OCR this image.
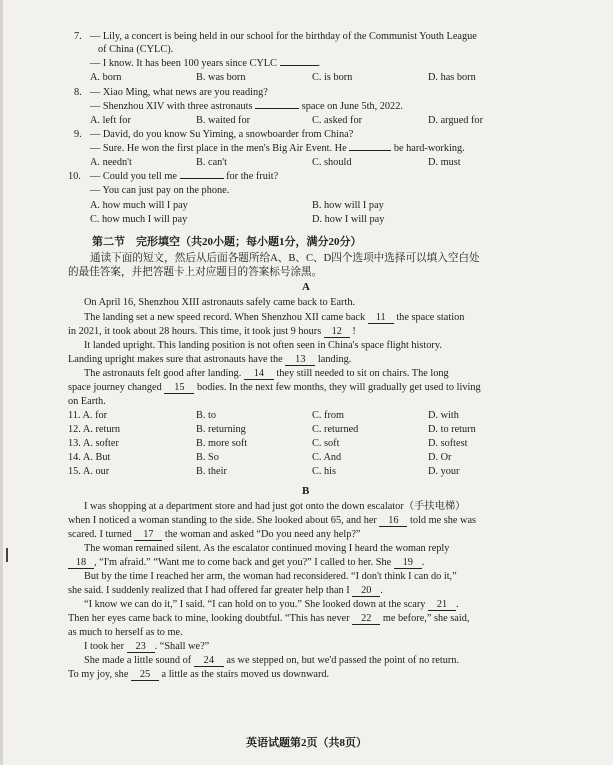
7. — Lily, a concert is being held in our school for the birthday of the Communist Youth League
of China (CYLC).
— I know. It has been 100 years since CYLC	.
A. born	B. was born	C. is born	D. has born
8. — Xiao Ming, what news are you reading?
— Shenzhou XIV with three astronauts	space on June 5th, 2022.
A. left for	B. waited for	C. asked for	D. argued for
9. — David, do you know Su Yiming, a snowboarder from China?
— Sure. He won the first place in the men's Big Air Event. He	be hard-working.
A. needn't	B. can't	C. should	D. must
10. — Could you tell me	for the fruit?
— You can just pay on the phone.
A. how much will I pay	B. how will I pay
C. how much I will pay	D. how I will pay
第二节　完形填空（共20小题；每小题1分，满分20分）
通读下面的短文，然后从后面各题所给A、B、C、D四个选项中选择可以填入空白处
的最佳答案，并把答题卡上对应题目的答案标号涂黑。
A
On April 16, Shenzhou XIII astronauts safely came back to Earth.
The landing set a new speed record. When Shenzhou XII came back 11 the space station
in 2021, it took about 28 hours. This time, it took just 9 hours 12 !
It landed upright. This landing position is not often seen in China's space flight history.
Landing upright makes sure that astronauts have the 13 landing.
The astronauts felt good after landing. 14 they still needed to sit on chairs. The long
space journey changed 15 bodies. In the next few months, they will gradually get used to living
on Earth.
11. A. for	B. to	C. from	D. with
12. A. return	B. returning	C. returned	D. to return
13. A. softer	B. more soft	C. soft	D. softest
14. A. But	B. So	C. And	D. Or
15. A. our	B. their	C. his	D. your
B
I was shopping at a department store and had just got onto the down escalator（手扶电梯）
when I noticed a woman standing to the side. She looked about 65, and her 16 told me she was
scared. I turned 17 the woman and asked “Do you need any help?”
The woman remained silent. As the escalator continued moving I heard the woman reply
18 , “I'm afraid.” “Want me to come back and get you?” I called to her. She 19 .
But by the time I reached her arm, the woman had reconsidered. “I don't think I can do it,”
she said. I suddenly realized that I had offered far greater help than I 20 .
“I know we can do it,” I said. “I can hold on to you.” She looked down at the scary 21 .
Then her eyes came back to mine, looking doubtful. “This has never 22 me before,” she said,
as much to herself as to me.
I took her 23 . “Shall we?”
She made a little sound of 24 as we stepped on, but we'd passed the point of no return.
To my joy, she 25 a little as the stairs moved us downward.
英语试题第2页（共8页）
